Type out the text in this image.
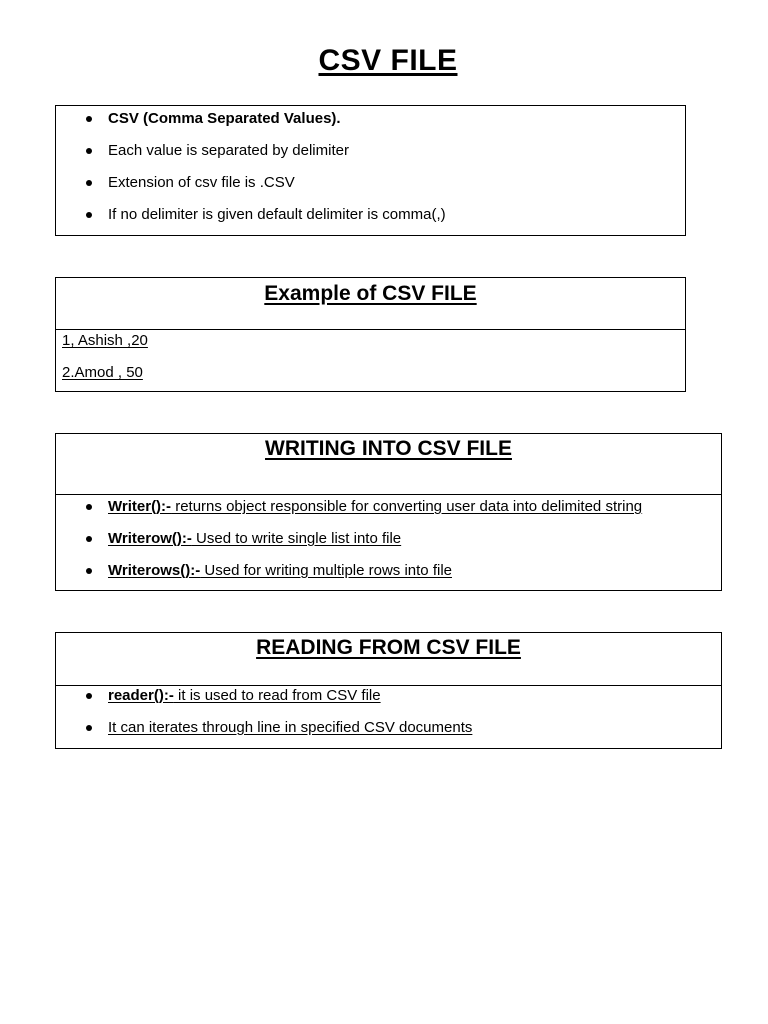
CSV FILE
CSV (Comma Separated Values).
Each value is separated by delimiter
Extension of csv file is .CSV
If no delimiter is given default delimiter is comma(,)
Example of CSV FILE
1, Ashish ,20
2.Amod , 50
WRITING INTO CSV FILE
Writer():- returns object responsible for converting user data into delimited string
Writerow():- Used to write single list into file
Writerows():- Used for writing multiple rows into file
READING FROM CSV FILE
reader():- it is used to read from CSV file
It can iterates through line in specified CSV documents
